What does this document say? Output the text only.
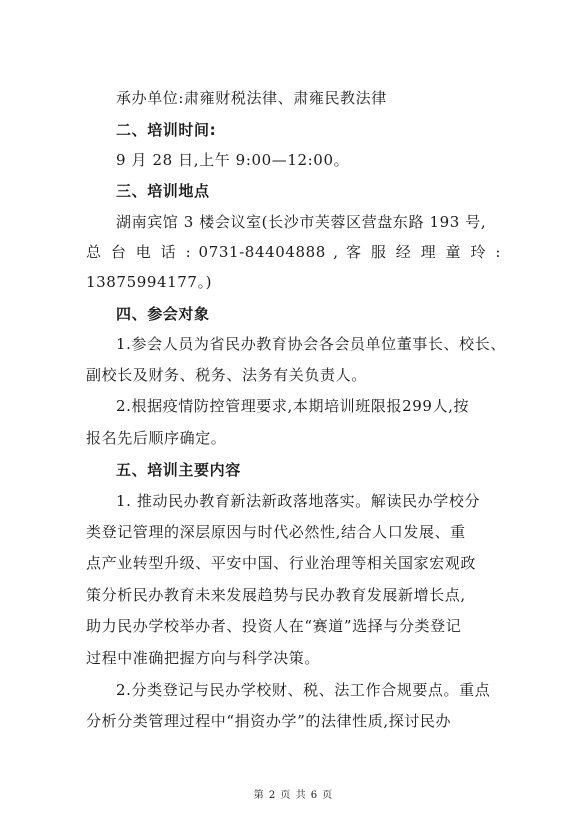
承办单位:肃雍财税法律、肃雍民教法律
二、培训时间:
9 月 28 日,上午 9:00—12:00。
三、培训地点
湖南宾馆 3 楼会议室(长沙市芙蓉区营盘东路 193 号,
总 台 电 话 : 0731-84404888 , 客 服 经 理 童 玲 :
13875994177。)
四、参会对象
1.参会人员为省民办教育协会各会员单位董事长、校长、
副校长及财务、税务、法务有关负责人。
2.根据疫情防控管理要求,本期培训班限报299人,按
报名先后顺序确定。
五、培训主要内容
1. 推动民办教育新法新政落地落实。解读民办学校分
类登记管理的深层原因与时代必然性,结合人口发展、重
点产业转型升级、平安中国、行业治理等相关国家宏观政
策分析民办教育未来发展趋势与民办教育发展新增长点,
助力民办学校举办者、投资人在“赛道”选择与分类登记
过程中准确把握方向与科学决策。
2.分类登记与民办学校财、税、法工作合规要点。重点
分析分类管理过程中“捐资办学”的法律性质,探讨民办
第 2 页 共 6 页
